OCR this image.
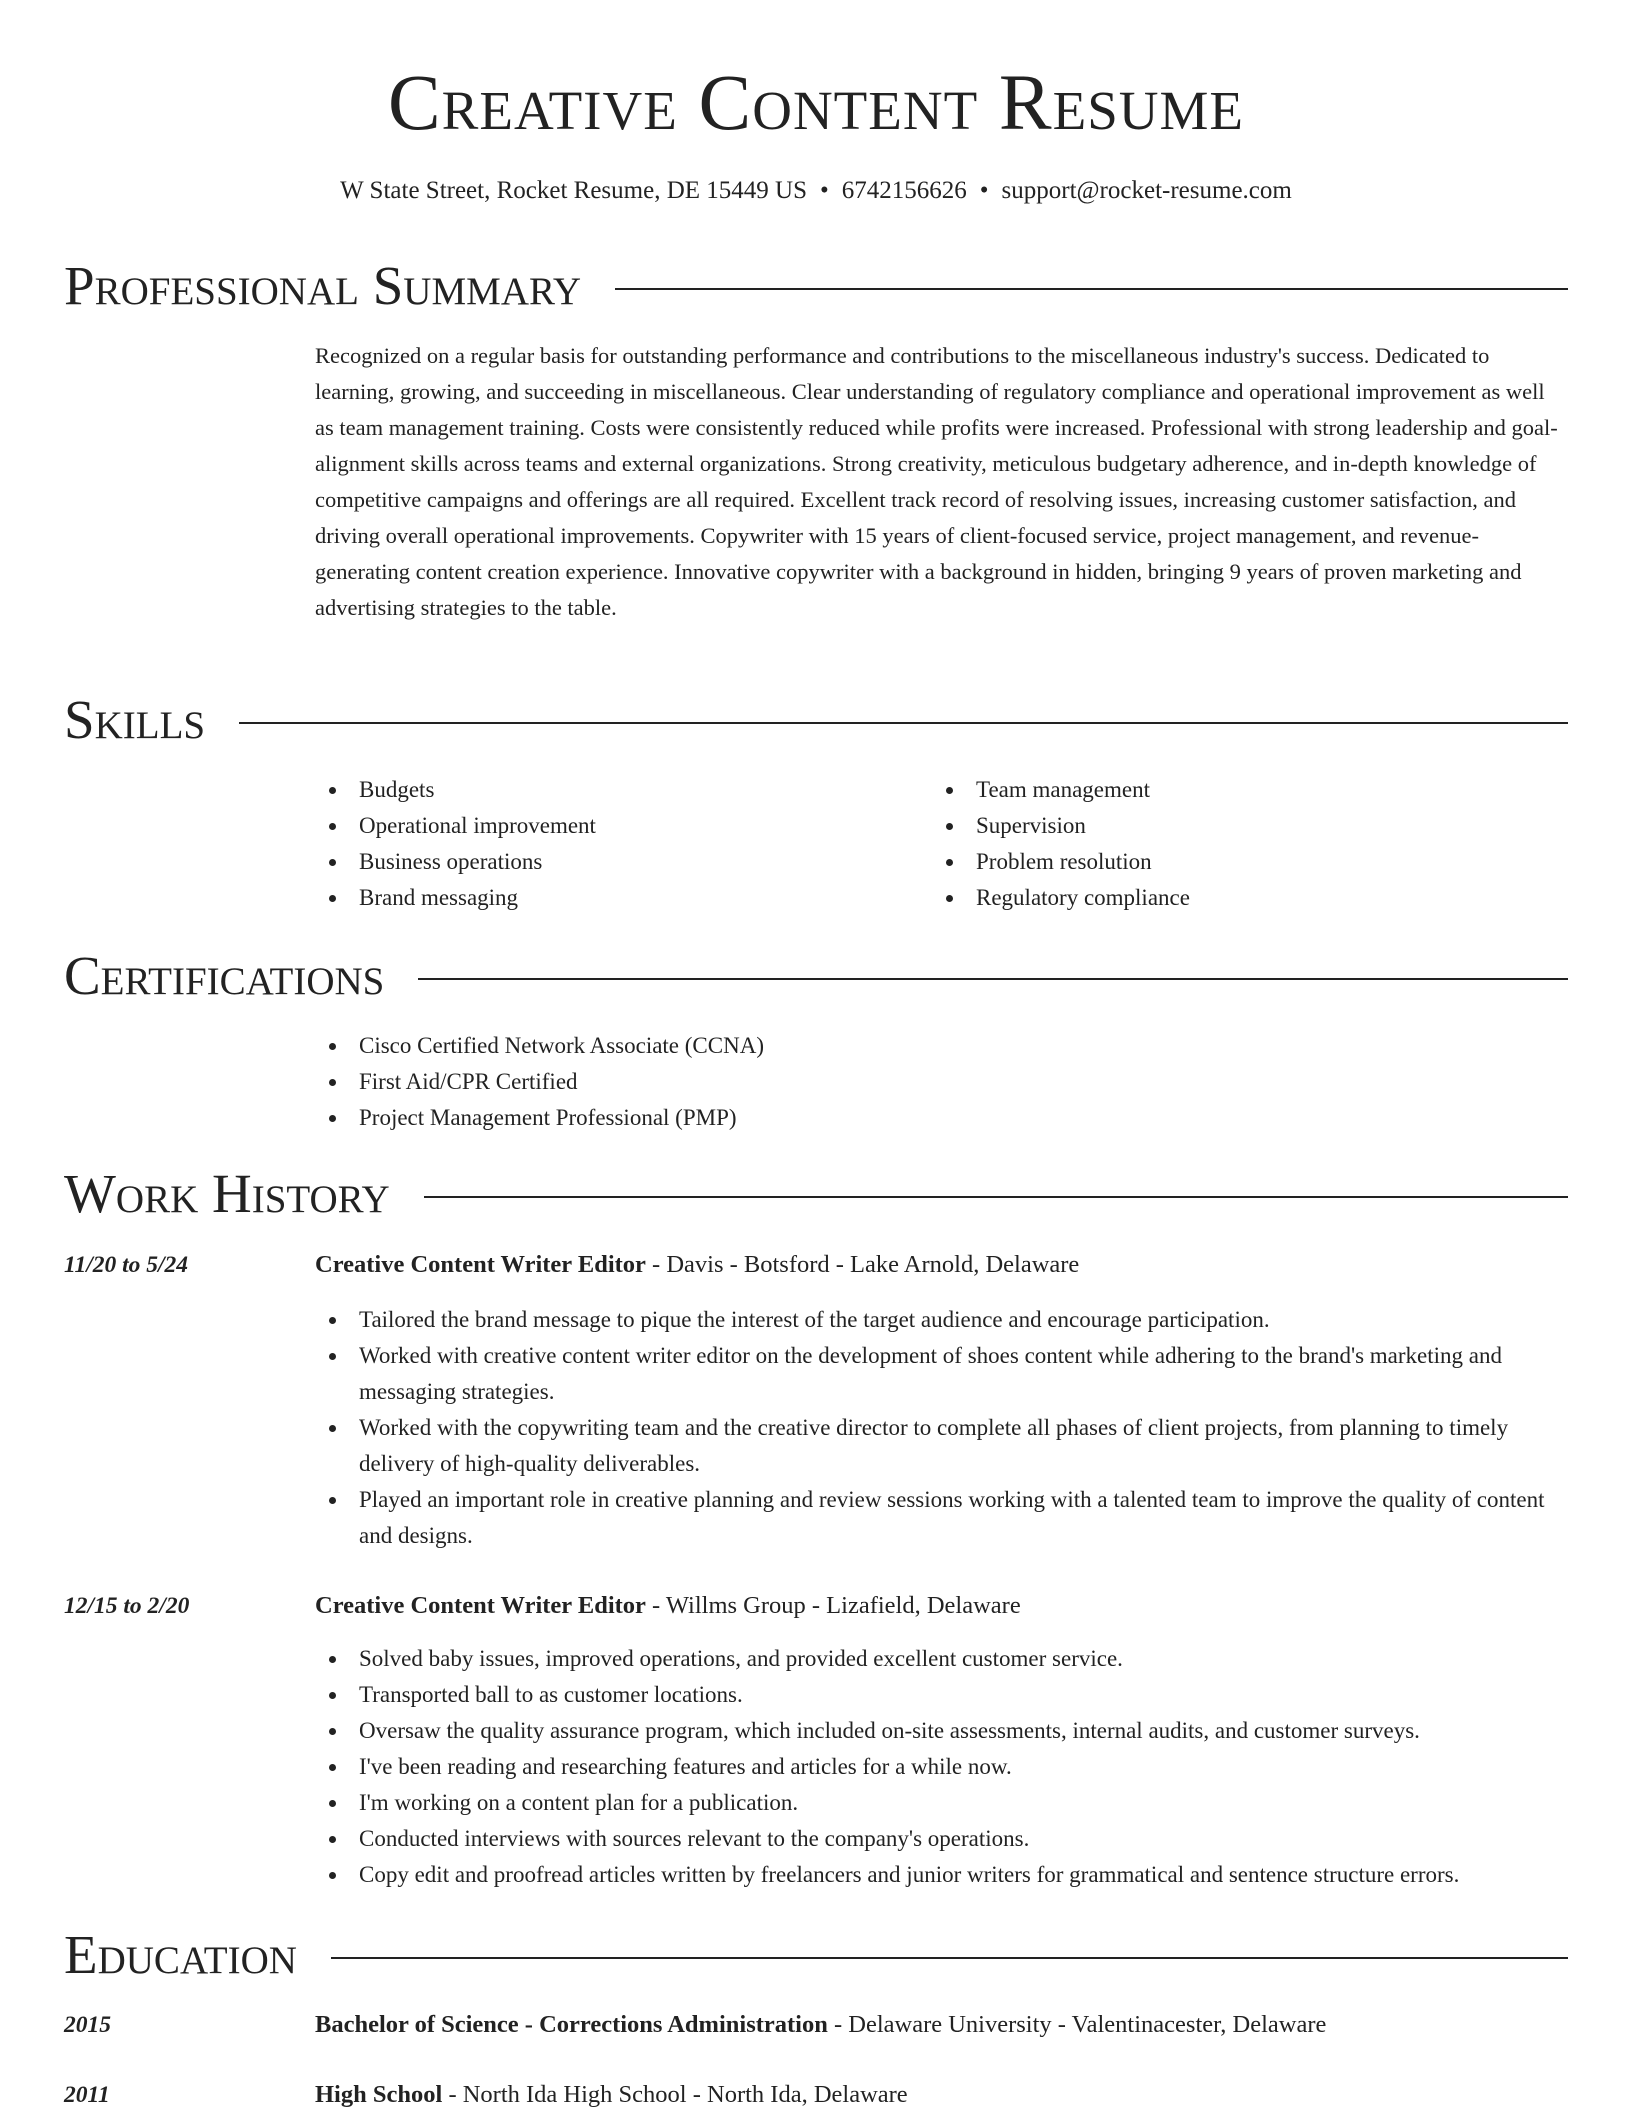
Creative Content Resume
W State Street, Rocket Resume, DE 15449 US • 6742156626 • support@rocket-resume.com
Professional Summary

Recognized on a regular basis for outstanding performance and contributions to the miscellaneous industry's success. Dedicated to learning, growing, and succeeding in miscellaneous. Clear understanding of regulatory compliance and operational improvement as well as team management training. Costs were consistently reduced while profits were increased. Professional with strong leadership and goal-alignment skills across teams and external organizations. Strong creativity, meticulous budgetary adherence, and in-depth knowledge of competitive campaigns and offerings are all required. Excellent track record of resolving issues, increasing customer satisfaction, and driving overall operational improvements. Copywriter with 15 years of client-focused service, project management, and revenue-generating content creation experience. Innovative copywriter with a background in hidden, bringing 9 years of proven marketing and advertising strategies to the table.

Skills
Budgets
Operational improvement
Business operations
Brand messaging
Team management
Supervision
Problem resolution
Regulatory compliance
Certifications
Cisco Certified Network Associate (CCNA)
First Aid/CPR Certified
Project Management Professional (PMP)
Work History
11/20 to 5/24	Creative Content Writer Editor - Davis - Botsford - Lake Arnold, Delaware
Tailored the brand message to pique the interest of the target audience and encourage participation.
Worked with creative content writer editor on the development of shoes content while adhering to the brand's marketing and messaging strategies.
Worked with the copywriting team and the creative director to complete all phases of client projects, from planning to timely delivery of high-quality deliverables.
Played an important role in creative planning and review sessions working with a talented team to improve the quality of content and designs.
12/15 to 2/20	Creative Content Writer Editor - Willms Group - Lizafield, Delaware
Solved baby issues, improved operations, and provided excellent customer service.
Transported ball to as customer locations.
Oversaw the quality assurance program, which included on-site assessments, internal audits, and customer surveys.
I've been reading and researching features and articles for a while now.
I'm working on a content plan for a publication.
Conducted interviews with sources relevant to the company's operations.
Copy edit and proofread articles written by freelancers and junior writers for grammatical and sentence structure errors.
Education
2015	Bachelor of Science - Corrections Administration - Delaware University - Valentinacester, Delaware
2011	High School - North Ida High School - North Ida, Delaware
